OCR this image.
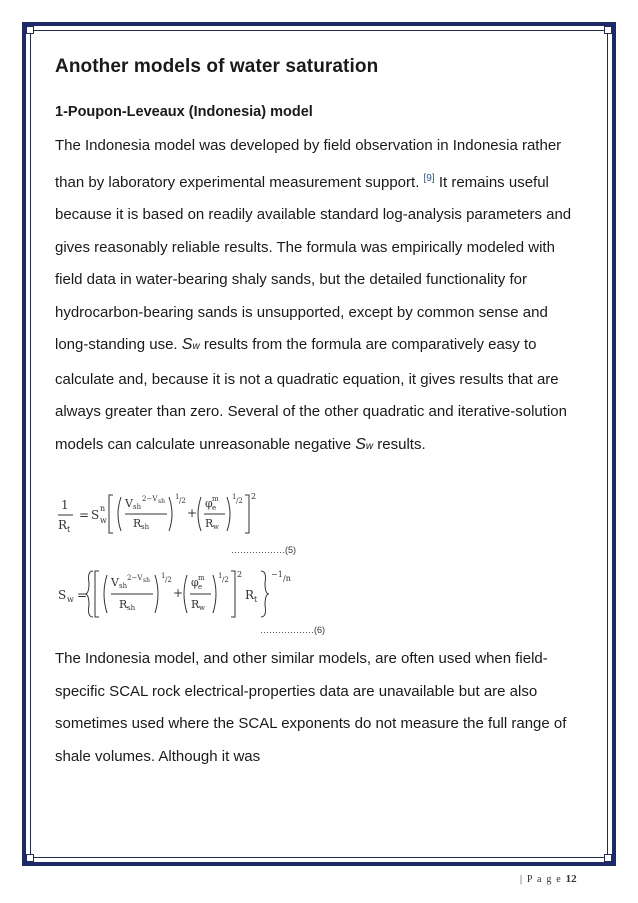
Another models of water saturation
1-Poupon-Leveaux (Indonesia) model
The Indonesia model was developed by field observation in Indonesia rather than by laboratory experimental measurement support. [9] It remains useful because it is based on readily available standard log-analysis parameters and gives reasonably reliable results. The formula was empirically modeled with field data in water-bearing shaly sands, but the detailed functionality for hydrocarbon-bearing sands is unsupported, except by common sense and long-standing use. Sw results from the formula are comparatively easy to calculate and, because it is not a quadratic equation, it gives results that are always greater than zero. Several of the other quadratic and iterative-solution models can calculate unreasonable negative Sw results.
1
R t
= S n
w
V sh
2−V sh
R sh
1 /2
+
φ m
e
R w
1 /2 2
………………(5)
S w =
V sh
2−V sh
R sh
1 /2
+
φ m
e
R w
1 /2
2
R t
−1 /n
………………(6)
The Indonesia model, and other similar models, are often used when field-specific SCAL rock electrical-properties data are unavailable but are also sometimes used where the SCAL exponents do not measure the full range of shale volumes. Although it was
| P a g e 12
